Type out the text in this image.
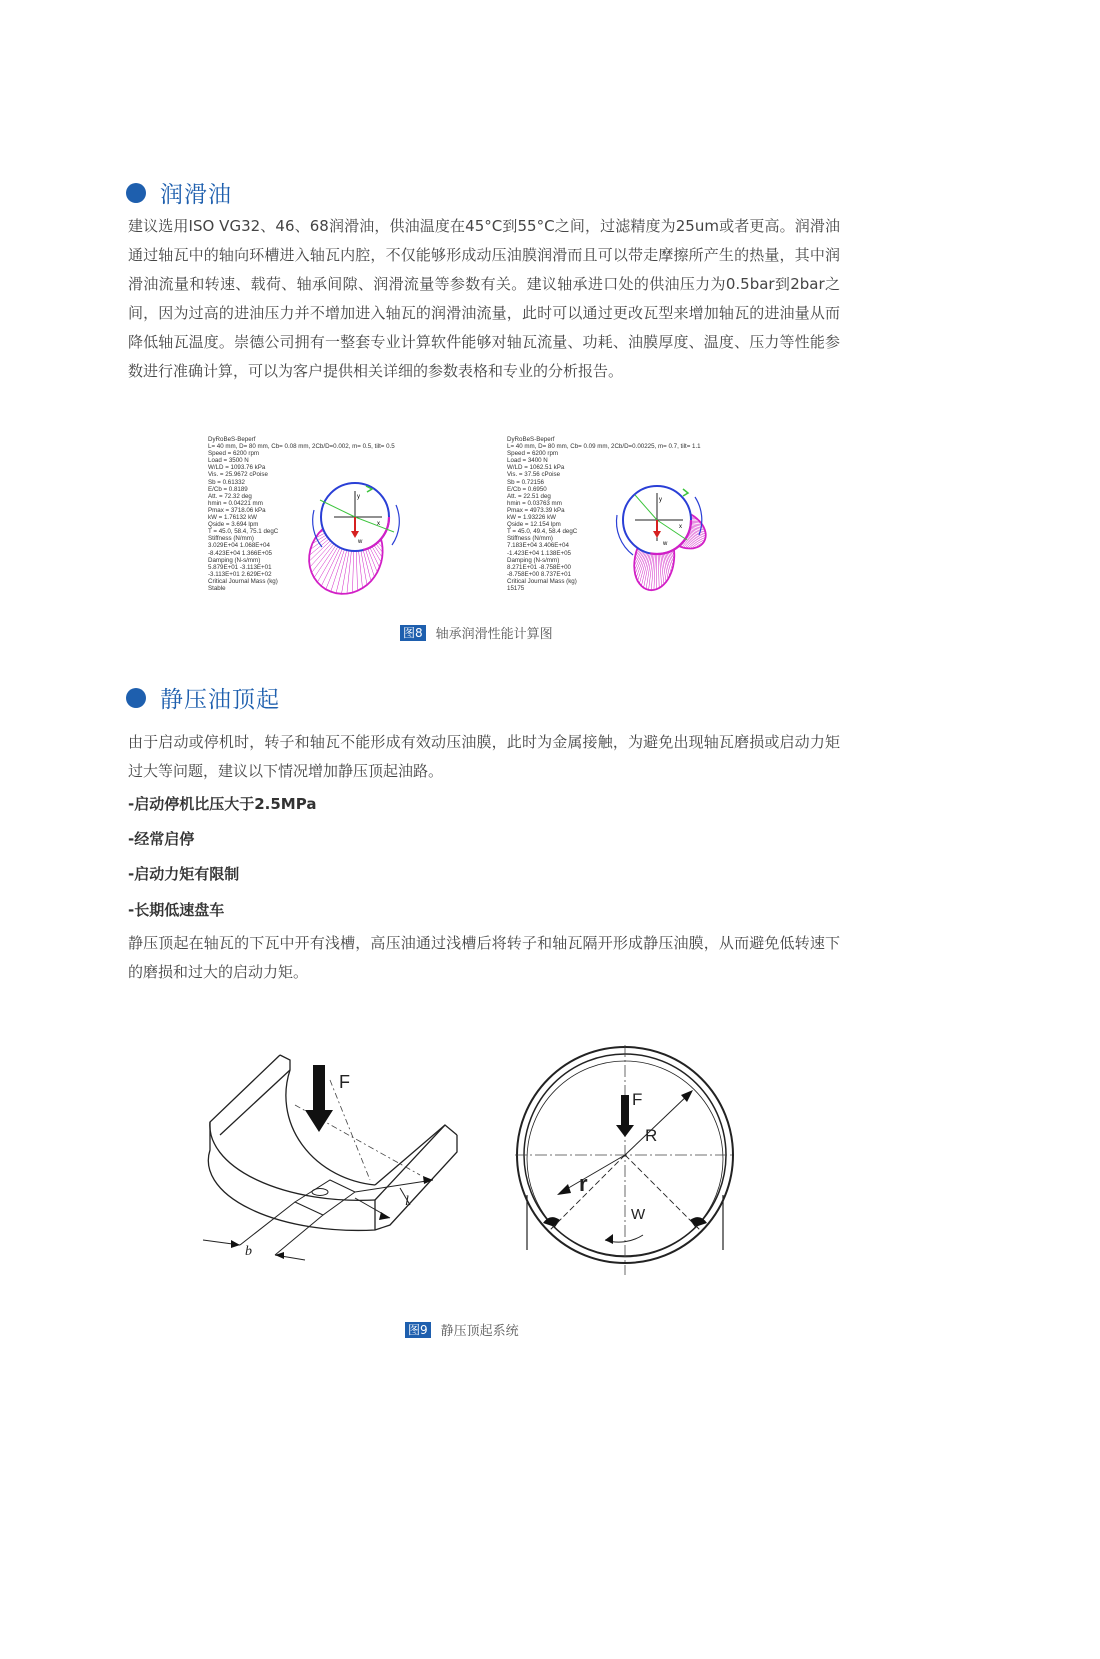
润滑油

建议选用ISO VG32、46、68润滑油，供油温度在45°C到55°C之间，过滤精度为25um或者更高。润滑油通过轴瓦中的轴向环槽进入轴瓦内腔，不仅能够形成动压油膜润滑而且可以带走摩擦所产生的热量，其中润滑油流量和转速、载荷、轴承间隙、润滑流量等参数有关。建议轴承进口处的供油压力为0.5bar到2bar之间，因为过高的进油压力并不增加进入轴瓦的润滑油流量，此时可以通过更改瓦型来增加轴瓦的进油量从而降低轴瓦温度。崇德公司拥有一整套专业计算软件能够对轴瓦流量、功耗、油膜厚度、温度、压力等性能参数进行准确计算，可以为客户提供相关详细的参数表格和专业的分析报告。

DyRoBeS-Beperf
L= 40 mm, D= 80 mm, Cb= 0.08 mm, 2Cb/D=0.002, m= 0.5, tilt= 0.5
Speed = 6200 rpm
Load = 3500 N
W/LD = 1093.76 kPa
Vis. = 25.9672 cPoise
Sb = 0.61332
E/Cb = 0.8189
Att. = 72.32 deg
hmin = 0.04221 mm
Pmax = 3718.06 kPa
kW = 1.76132 kW
Qside = 3.694 lpm
T = 45.0, 58.4, 75.1 degC
Stiffness (N/mm)
3.029E+04 1.068E+04
-8.423E+04 1.366E+05
Damping (N-s/mm)
5.879E+01 -3.113E+01
-3.113E+01 2.629E+02
Critical Journal Mass (kg)
Stable
DyRoBeS-Beperf
L= 40 mm, D= 80 mm, Cb= 0.09 mm, 2Cb/D=0.00225, m= 0.7, tilt= 1.1
Speed = 6200 rpm
Load = 3400 N
W/LD = 1062.51 kPa
Vis. = 37.56 cPoise
Sb = 0.72156
E/Cb = 0.6950
Att. = 22.51 deg
hmin = 0.03763 mm
Pmax = 4973.39 kPa
kW = 1.93226 kW
Qside = 12.154 lpm
T = 45.0, 49.4, 58.4 degC
Stiffness (N/mm)
7.183E+04 3.406E+04
-1.423E+04 1.138E+05
Damping (N-s/mm)
8.271E+01 -8.758E+00
-8.758E+00 8.737E+01
Critical Journal Mass (kg)
15175
y
x
w
y
x
w
图8 轴承润滑性能计算图
静压油顶起

由于启动或停机时，转子和轴瓦不能形成有效动压油膜，此时为金属接触，为避免出现轴瓦磨损或启动力矩过大等问题，建议以下情况增加静压顶起油路。

-启动停机比压大于2.5MPa
-经常启停
-启动力矩有限制
-长期低速盘车

静压顶起在轴瓦的下瓦中开有浅槽，高压油通过浅槽后将转子和轴瓦隔开形成静压油膜，从而避免低转速下的磨损和过大的启动力矩。

F
b
l
F
R
r
W
图9 静压顶起系统
